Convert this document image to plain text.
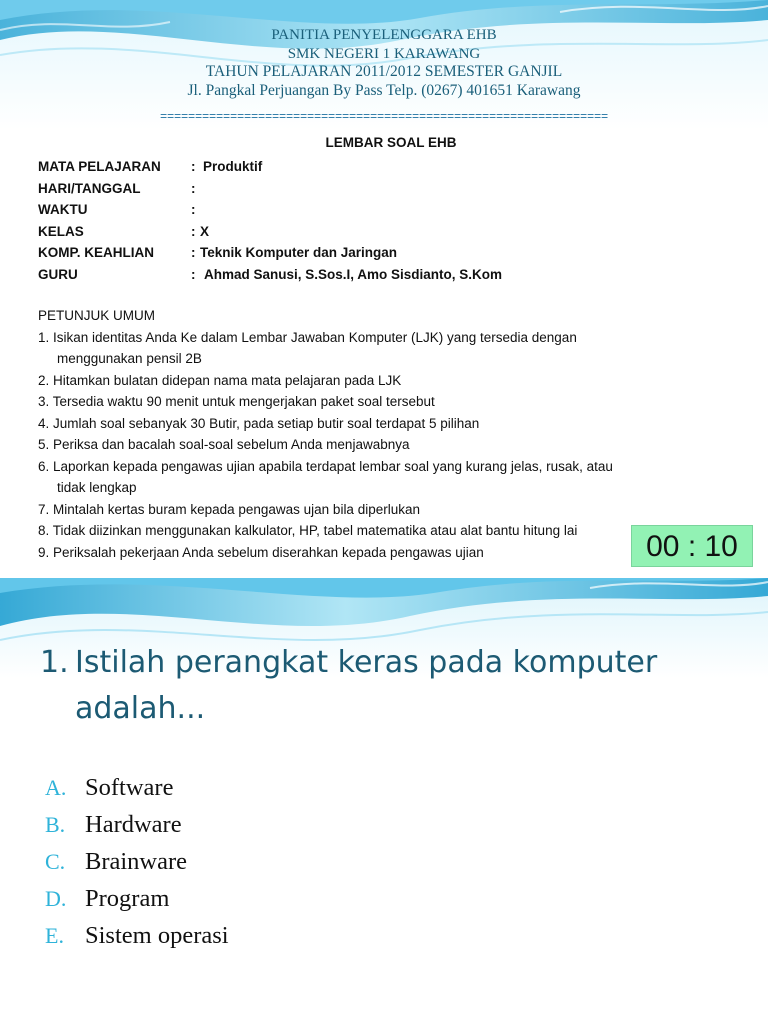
PANITIA PENYELENGGARA EHB
SMK NEGERI 1 KARAWANG
TAHUN PELAJARAN 2011/2012 SEMESTER GANJIL
Jl. Pangkal Perjuangan By Pass Telp. (0267) 401651 Karawang
================================================================
LEMBAR SOAL EHB
MATA PELAJARAN : Produktif
HARI/TANGGAL	:
WAKTU	:
KELAS	: X
KOMP. KEAHLIAN	: Teknik Komputer dan Jaringan
GURU	: Ahmad Sanusi, S.Sos.I, Amo Sisdianto, S.Kom
PETUNJUK UMUM
1. Isikan identitas Anda Ke dalam Lembar Jawaban Komputer (LJK) yang tersedia dengan
menggunakan pensil 2B
2. Hitamkan bulatan didepan nama mata pelajaran pada LJK
3. Tersedia waktu 90 menit untuk mengerjakan paket soal tersebut
4. Jumlah soal sebanyak 30 Butir, pada setiap butir soal terdapat 5 pilihan
5. Periksa dan bacalah soal-soal sebelum Anda menjawabnya
6. Laporkan kepada pengawas ujian apabila terdapat lembar soal yang kurang jelas, rusak, atau
tidak lengkap
7. Mintalah kertas buram kepada pengawas ujan bila diperlukan
8. Tidak diizinkan menggunakan kalkulator, HP, tabel matematika atau alat bantu hitung lai
9. Periksalah pekerjaan Anda sebelum diserahkan kepada pengawas ujian	00 : 10
1. Istilah perangkat keras pada komputer adalah...
A. Software
B. Hardware
C. Brainware
D. Program
E. Sistem operasi
